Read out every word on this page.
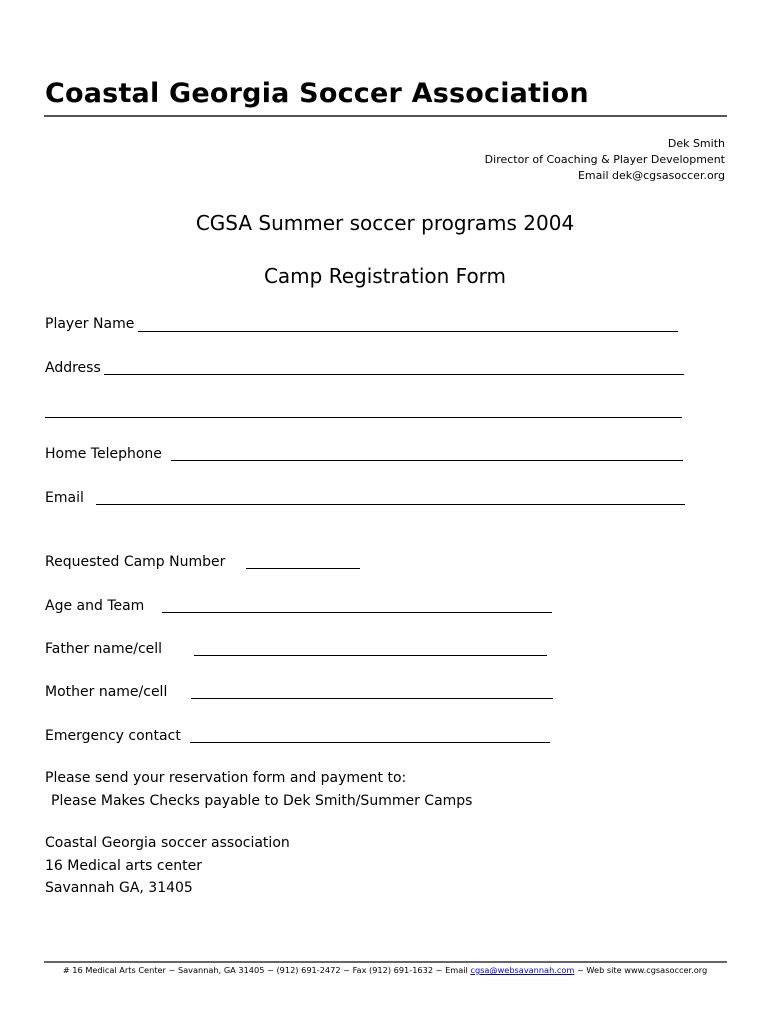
Coastal Georgia Soccer Association
Dek Smith
Director of Coaching & Player Development
Email dek@cgsasoccer.org
CGSA Summer soccer programs 2004
Camp Registration Form
Player Name
Address
Home Telephone
Email
Requested Camp Number
Age and Team
Father name/cell
Mother name/cell
Emergency contact
Please send your reservation form and payment to:
Please Makes Checks payable to Dek Smith/Summer Camps
Coastal Georgia soccer association
16 Medical arts center
Savannah GA, 31405
# 16 Medical Arts Center ~ Savannah, GA 31405 ~ (912) 691-2472 ~ Fax (912) 691-1632 ~ Email cgsa@websavannah.com ~ Web site www.cgsasoccer.org
